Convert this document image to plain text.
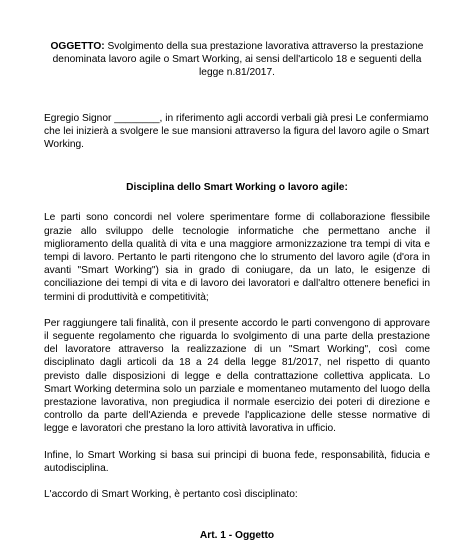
OGGETTO: Svolgimento della sua prestazione lavorativa attraverso la prestazione denominata lavoro agile o Smart Working, ai sensi dell'articolo 18 e seguenti della legge n.81/2017.

Egregio Signor ________, in riferimento agli accordi verbali già presi Le confermiamo che lei inizierà a svolgere le sue mansioni attraverso la figura del lavoro agile o Smart Working.

Disciplina dello Smart Working o lavoro agile:

Le parti sono concordi nel volere sperimentare forme di collaborazione flessibile grazie allo sviluppo delle tecnologie informatiche che permettano anche il miglioramento della qualità di vita e una maggiore armonizzazione tra tempi di vita e tempi di lavoro. Pertanto le parti ritengono che lo strumento del lavoro agile (d'ora in avanti "Smart Working") sia in grado di coniugare, da un lato, le esigenze di conciliazione dei tempi di vita e di lavoro dei lavoratori e dall'altro ottenere benefici in termini di produttività e competitività;

Per raggiungere tali finalità, con il presente accordo le parti convengono di approvare il seguente regolamento che riguarda lo svolgimento di una parte della prestazione del lavoratore attraverso la realizzazione di un "Smart Working", così come disciplinato dagli articoli da 18 a 24 della legge 81/2017, nel rispetto di quanto previsto dalle disposizioni di legge e della contrattazione collettiva applicata. Lo Smart Working determina solo un parziale e momentaneo mutamento del luogo della prestazione lavorativa, non pregiudica il normale esercizio dei poteri di direzione e controllo da parte dell'Azienda e prevede l'applicazione delle stesse normative di legge e lavoratori che prestano la loro attività lavorativa in ufficio.

Infine, lo Smart Working si basa sui principi di buona fede, responsabilità, fiducia e autodisciplina.

L'accordo di Smart Working, è pertanto così disciplinato:

Art. 1 - Oggetto
